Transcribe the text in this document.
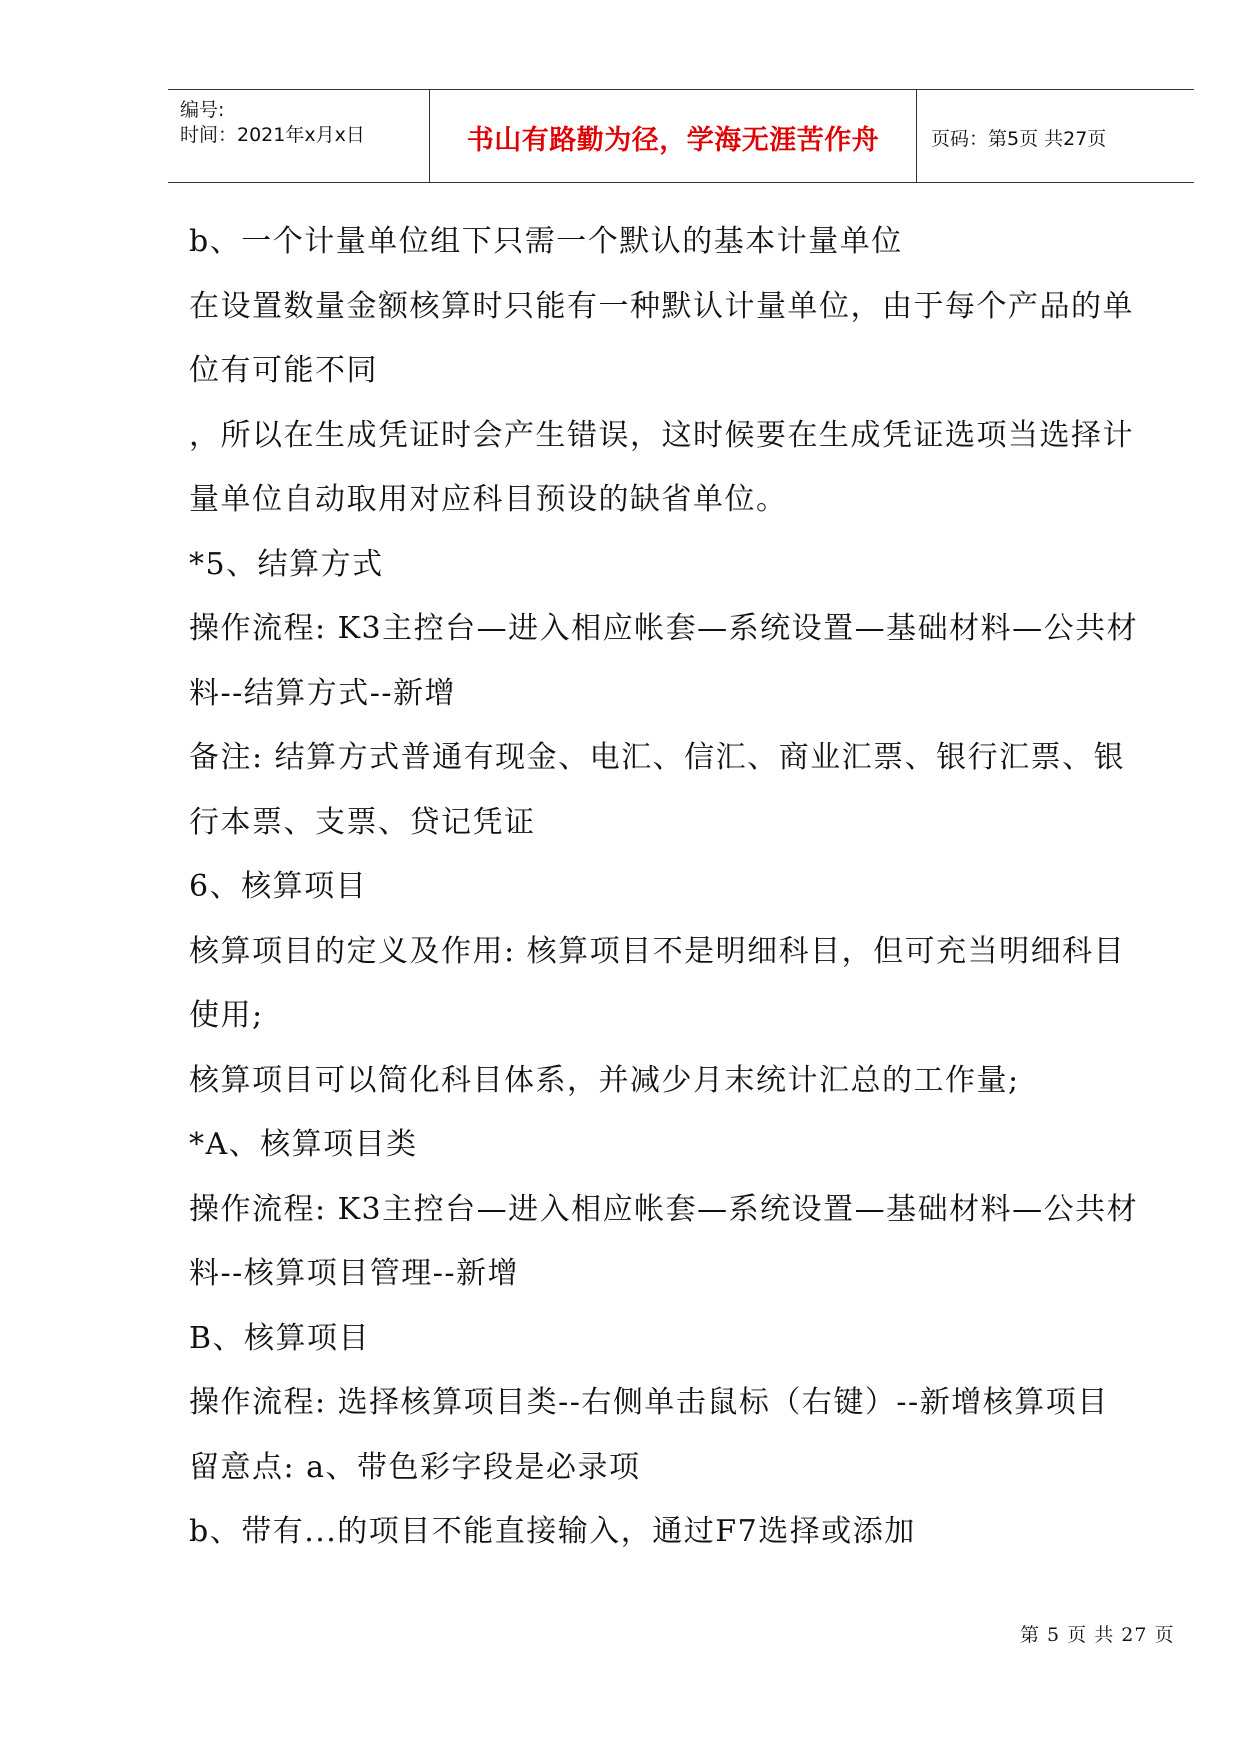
编号:
时间：2021年x月x日	书山有路勤为径，学海无涯苦作舟	页码：第5页 共27页
b、一个计量单位组下只需一个默认的基本计量单位
在设置数量金额核算时只能有一种默认计量单位，由于每个产品的单
位有可能不同
，所以在生成凭证时会产生错误，这时候要在生成凭证选项当选择计
量单位自动取用对应科目预设的缺省单位。
*5、结算方式
操作流程: K3主控台—进入相应帐套—系统设置—基础材料—公共材
料--结算方式--新增
备注: 结算方式普通有现金、电汇、信汇、商业汇票、银行汇票、银
行本票、支票、贷记凭证
6、核算项目
核算项目的定义及作用: 核算项目不是明细科目，但可充当明细科目
使用;
核算项目可以简化科目体系，并减少月末统计汇总的工作量;
*A、核算项目类
操作流程: K3主控台—进入相应帐套—系统设置—基础材料—公共材
料--核算项目管理--新增
B、核算项目
操作流程: 选择核算项目类--右侧单击鼠标（右键）--新增核算项目
留意点: a、带色彩字段是必录项
b、带有...的项目不能直接输入，通过F7选择或添加
第 5 页 共 27 页
